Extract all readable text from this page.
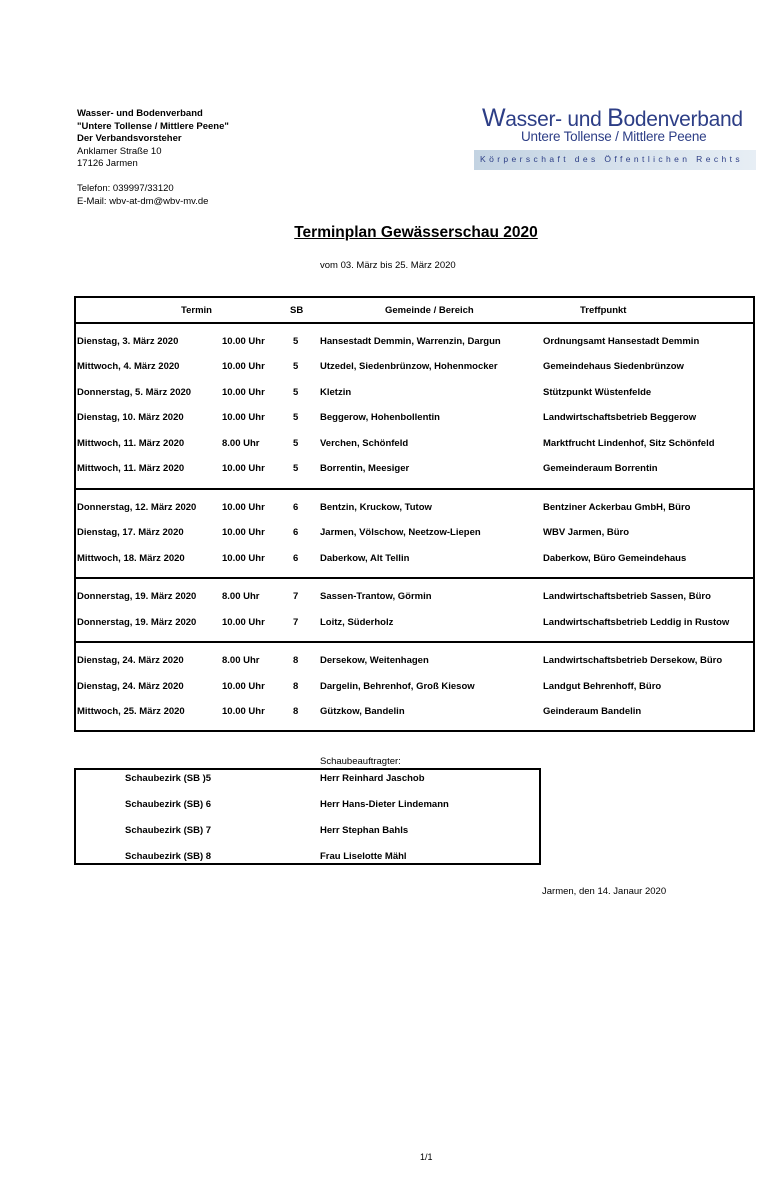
Wasser- und Bodenverband
"Untere Tollense / Mittlere Peene"
Der Verbandsvorsteher
Anklamer Straße 10
17126 Jarmen
Telefon: 039997/33120
E-Mail: wbv-at-dm@wbv-mv.de
Wasser- und Bodenverband
Untere Tollense / Mittlere Peene
Körperschaft des Öffentlichen Rechts
Terminplan Gewässerschau 2020
vom 03. März bis 25. März 2020
Termin	SB	Gemeinde / Bereich	Treffpunkt
Dienstag, 3. März 2020	10.00 Uhr	5 Hansestadt Demmin, Warrenzin, Dargun	Ordnungsamt Hansestadt Demmin
Mittwoch, 4. März 2020	10.00 Uhr	5 Utzedel, Siedenbrünzow, Hohenmocker	Gemeindehaus Siedenbrünzow
Donnerstag, 5. März 2020	10.00 Uhr	5 Kletzin	Stützpunkt Wüstenfelde
Dienstag, 10. März 2020	10.00 Uhr	5 Beggerow, Hohenbollentin	Landwirtschaftsbetrieb Beggerow
Mittwoch, 11. März 2020	8.00 Uhr	5 Verchen, Schönfeld	Marktfrucht Lindenhof, Sitz Schönfeld
Mittwoch, 11. März 2020	10.00 Uhr	5 Borrentin, Meesiger	Gemeinderaum Borrentin
Donnerstag, 12. März 2020	10.00 Uhr	6 Bentzin, Kruckow, Tutow	Bentziner Ackerbau GmbH, Büro
Dienstag, 17. März 2020	10.00 Uhr	6 Jarmen, Völschow, Neetzow-Liepen	WBV Jarmen, Büro
Mittwoch, 18. März 2020	10.00 Uhr	6 Daberkow, Alt Tellin	Daberkow, Büro Gemeindehaus
Donnerstag, 19. März 2020	8.00 Uhr	7 Sassen-Trantow, Görmin	Landwirtschaftsbetrieb Sassen, Büro
Donnerstag, 19. März 2020	10.00 Uhr	7 Loitz, Süderholz	Landwirtschaftsbetrieb Leddig in Rustow
Dienstag, 24. März 2020	8.00 Uhr	8 Dersekow, Weitenhagen	Landwirtschaftsbetrieb Dersekow, Büro
Dienstag, 24. März 2020	10.00 Uhr	8 Dargelin, Behrenhof, Groß Kiesow	Landgut Behrenhoff, Büro
Mittwoch, 25. März 2020	10.00 Uhr	8 Gützkow, Bandelin	Geinderaum Bandelin
Schaubeauftragter:
Schaubezirk (SB )5	Herr Reinhard Jaschob
Schaubezirk (SB) 6	Herr Hans-Dieter Lindemann
Schaubezirk (SB) 7	Herr Stephan Bahls
Schaubezirk (SB) 8	Frau Liselotte Mähl
Jarmen, den 14. Janaur 2020
1/1
